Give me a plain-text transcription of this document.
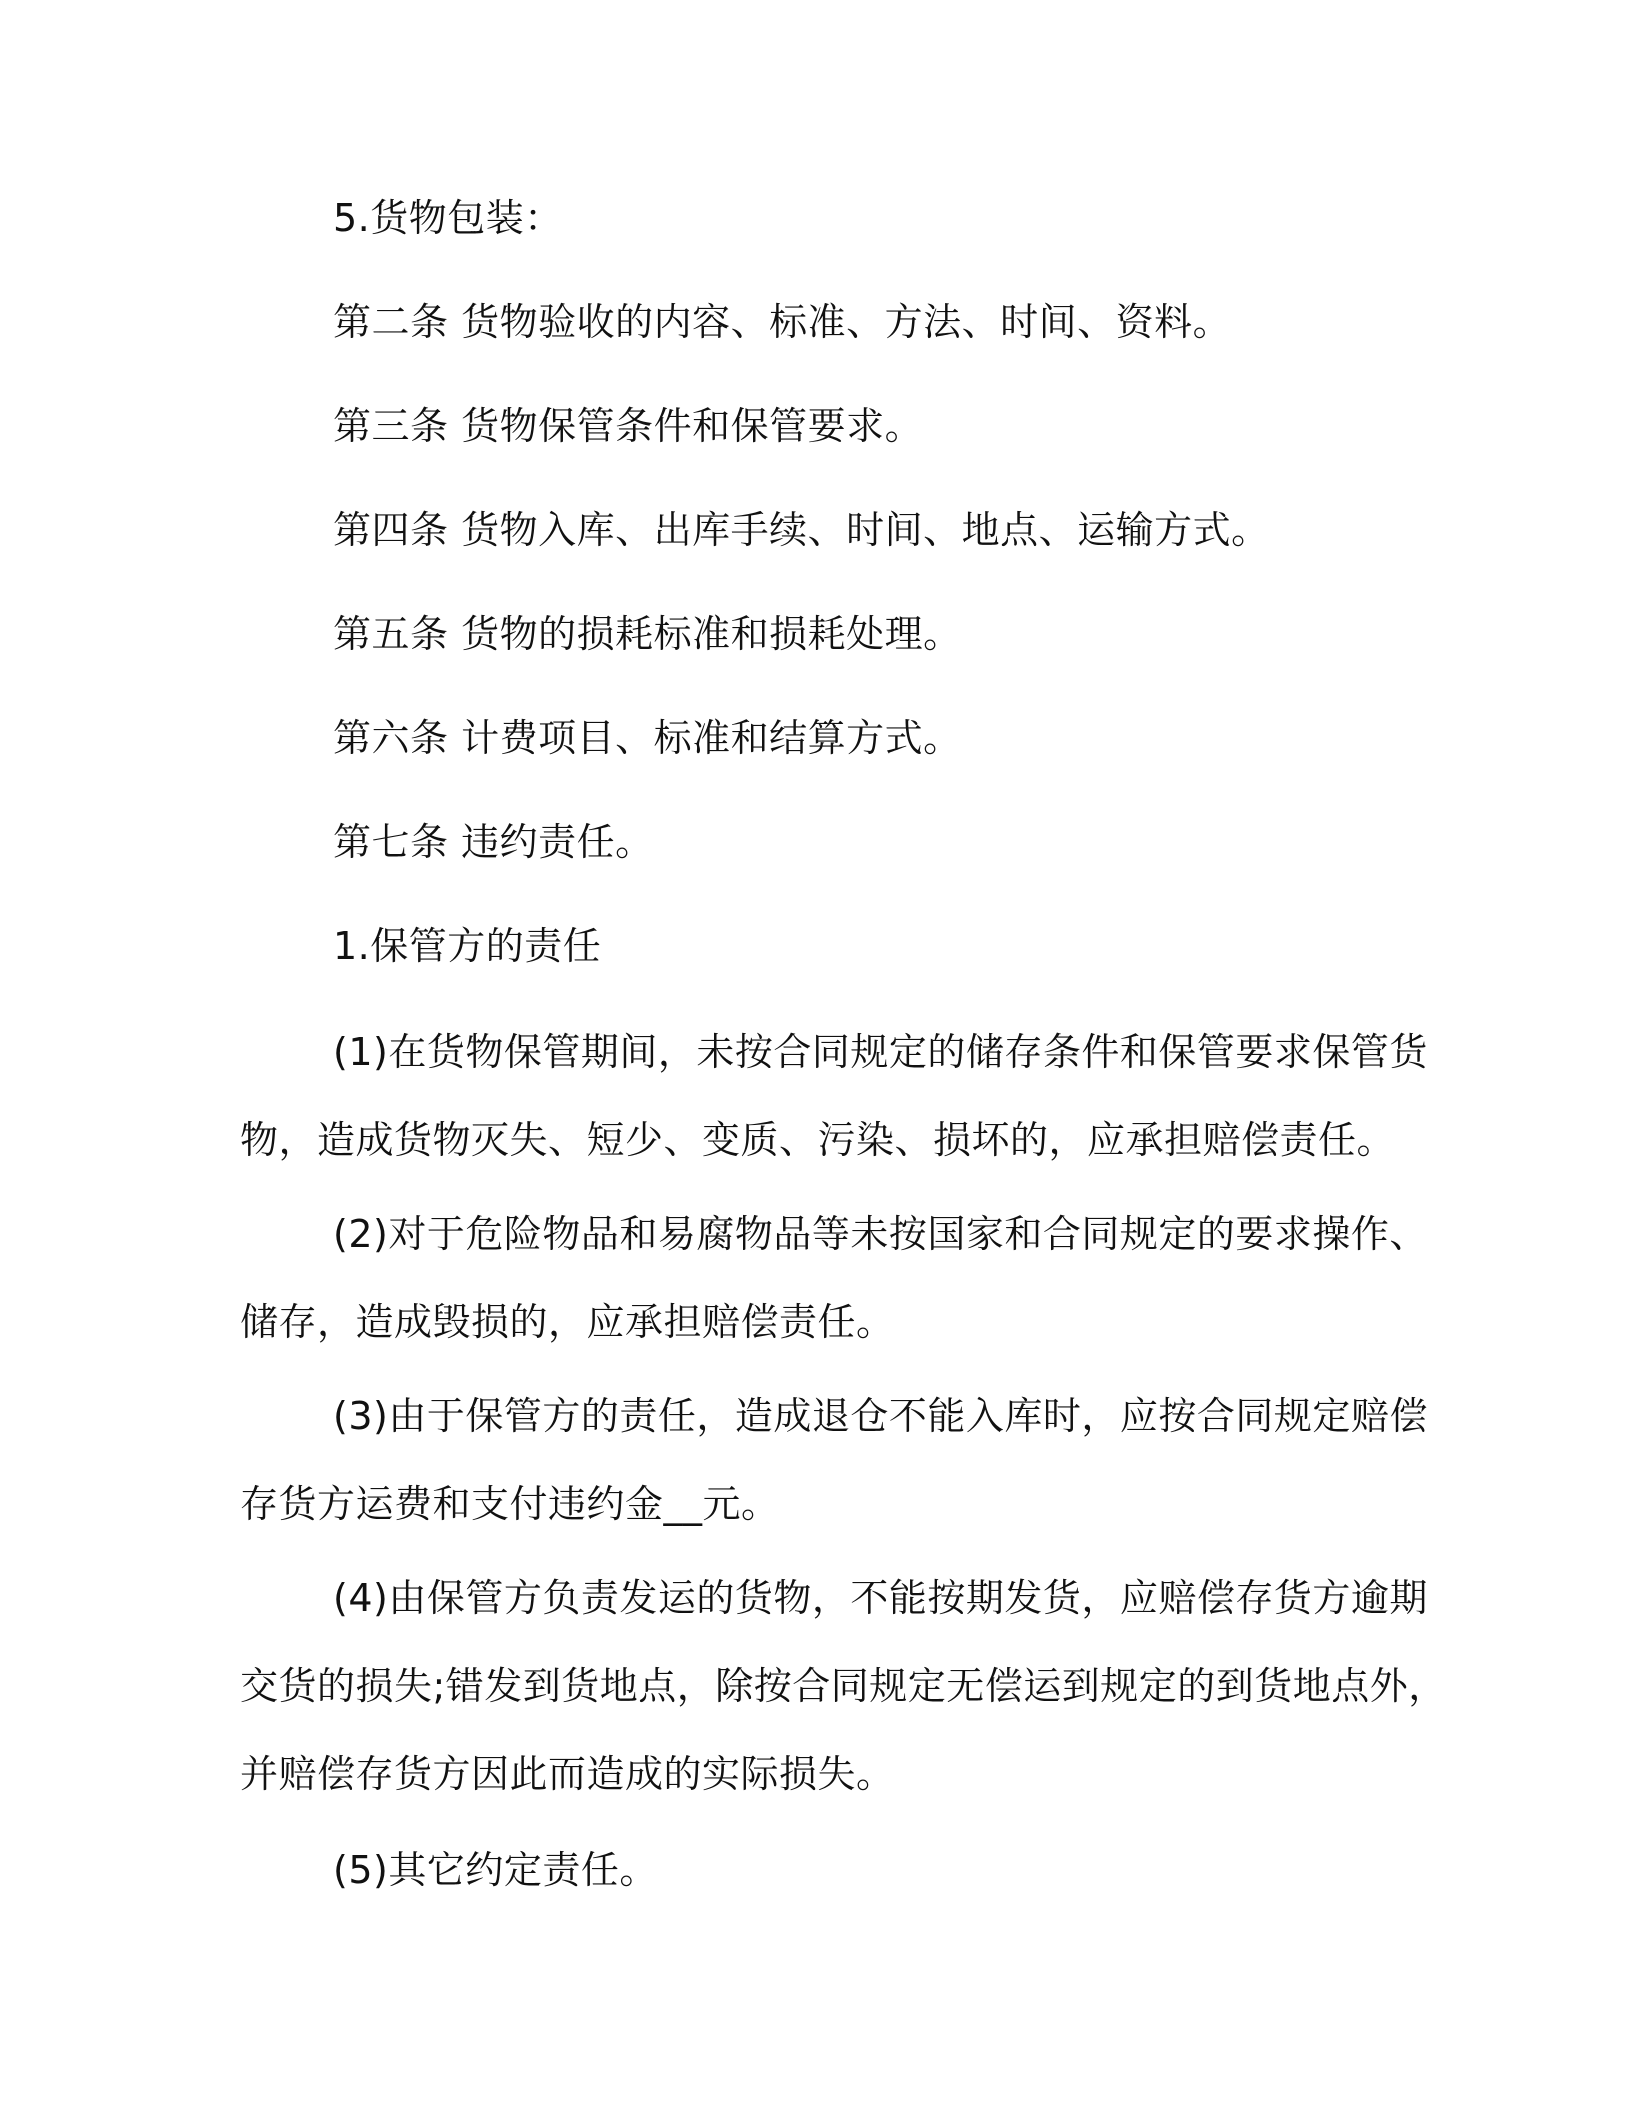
5.货物包装：

第二条 货物验收的内容、标准、方法、时间、资料。

第三条 货物保管条件和保管要求。

第四条 货物入库、出库手续、时间、地点、运输方式。

第五条 货物的损耗标准和损耗处理。

第六条 计费项目、标准和结算方式。

第七条 违约责任。

1.保管方的责任

(1)在货物保管期间，未按合同规定的储存条件和保管要求保管货
物，造成货物灭失、短少、变质、污染、损坏的，应承担赔偿责任。
(2)对于危险物品和易腐物品等未按国家和合同规定的要求操作、
储存，造成毁损的，应承担赔偿责任。
(3)由于保管方的责任，造成退仓不能入库时，应按合同规定赔偿
存货方运费和支付违约金__元。
(4)由保管方负责发运的货物，不能按期发货，应赔偿存货方逾期
交货的损失;错发到货地点，除按合同规定无偿运到规定的到货地点外，
并赔偿存货方因此而造成的实际损失。
(5)其它约定责任。
